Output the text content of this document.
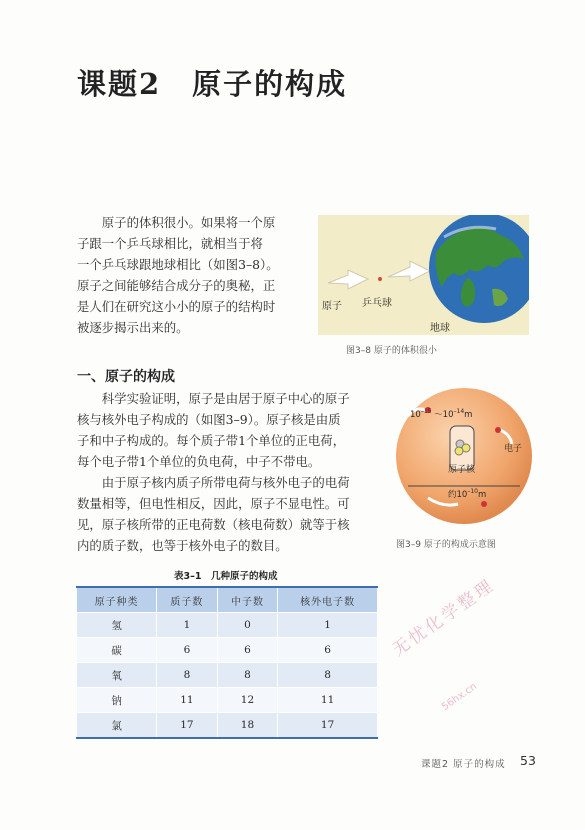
课题2　原子的构成

原子的体积很小。如果将一个原

子跟一个乒乓球相比，就相当于将
一个乒乓球跟地球相比（如图3–8）。
原子之间能够结合成分子的奥秘，正
是人们在研究这小小的原子的结构时
被逐步揭示出来的。
原子 乒乓球
地球
图3–8 原子的体积很小
一、原子的构成

科学实验证明，原子是由居于原子中心的原子

核与核外电子构成的（如图3–9）。原子核是由质
子和中子构成的。每个质子带1个单位的正电荷，
每个电子带1个单位的负电荷，中子不带电。

由于原子核内质子所带电荷与核外电子的电荷

数量相等，但电性相反，因此，原子不显电性。可
见，原子核所带的正电荷数（核电荷数）就等于核
内的质子数，也等于核外电子的数目。
$10^{-15}$ $\sim 10^{-14}m$
电子
原子核
约$10^{-10}m$
图3–9 原子的构成示意图
表3–1　几种原子的构成
原子种类	质子数	中子数	核外电子数
氢	1	0	1
碳	6	6	6
氧	8	8	8
钠	11	12	11
氯	17	18	17
无忧化学整理
56hx.cn
课题2 原子的构成 53
